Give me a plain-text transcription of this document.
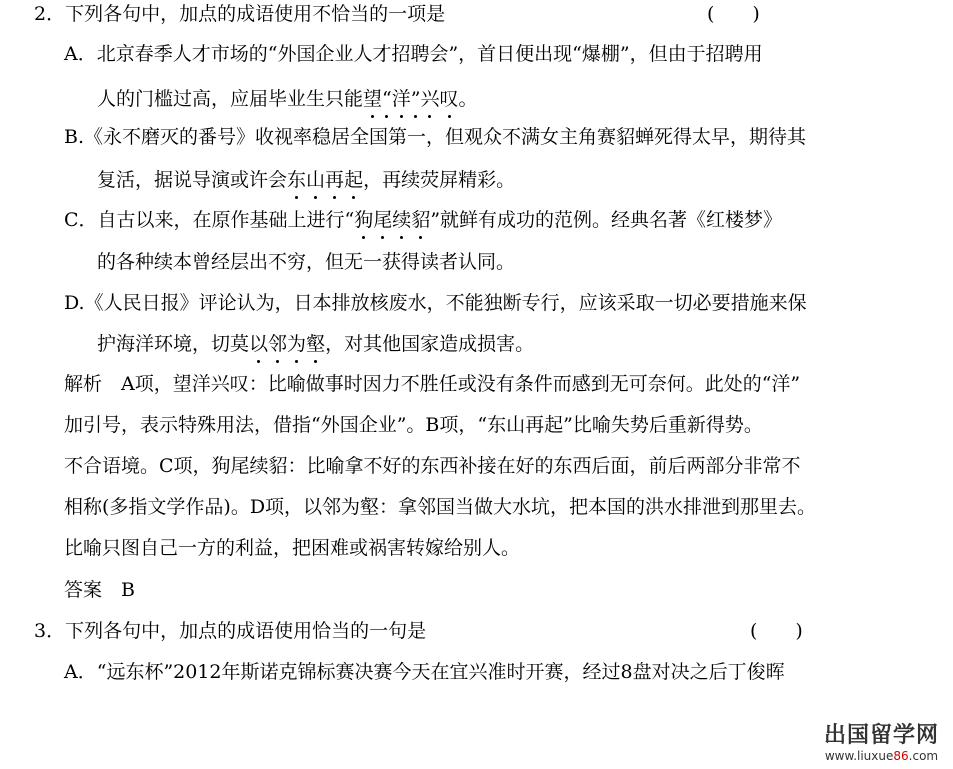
2．下列各句中，加点的成语使用不恰当的一项是	(　　)
A．北京春季人才市场的“外国企业人才招聘会”，首日便出现“爆棚”，但由于招聘用
人的门槛过高，应届毕业生只能望“洋”兴叹。
B.《永不磨灭的番号》收视率稳居全国第一，但观众不满女主角赛貂蝉死得太早，期待其
复活，据说导演或许会东山再起，再续荧屏精彩。
C．自古以来，在原作基础上进行“狗尾续貂”就鲜有成功的范例。经典名著《红楼梦》
的各种续本曾经层出不穷，但无一获得读者认同。
D.《人民日报》评论认为，日本排放核废水，不能独断专行，应该采取一切必要措施来保
护海洋环境，切莫以邻为壑，对其他国家造成损害。
解析　A项，望洋兴叹：比喻做事时因力不胜任或没有条件而感到无可奈何。此处的“洋”
加引号，表示特殊用法，借指“外国企业”。B项，“东山再起”比喻失势后重新得势。
不合语境。C项，狗尾续貂：比喻拿不好的东西补接在好的东西后面，前后两部分非常不
相称(多指文学作品)。D项，以邻为壑：拿邻国当做大水坑，把本国的洪水排泄到那里去。
比喻只图自己一方的利益，把困难或祸害转嫁给别人。
答案　B
3．下列各句中，加点的成语使用恰当的一句是	(　　)
A．“远东杯”2012年斯诺克锦标赛决赛今天在宜兴准时开赛，经过8盘对决之后丁俊晖
出国留学网
www.liuxue86.com
